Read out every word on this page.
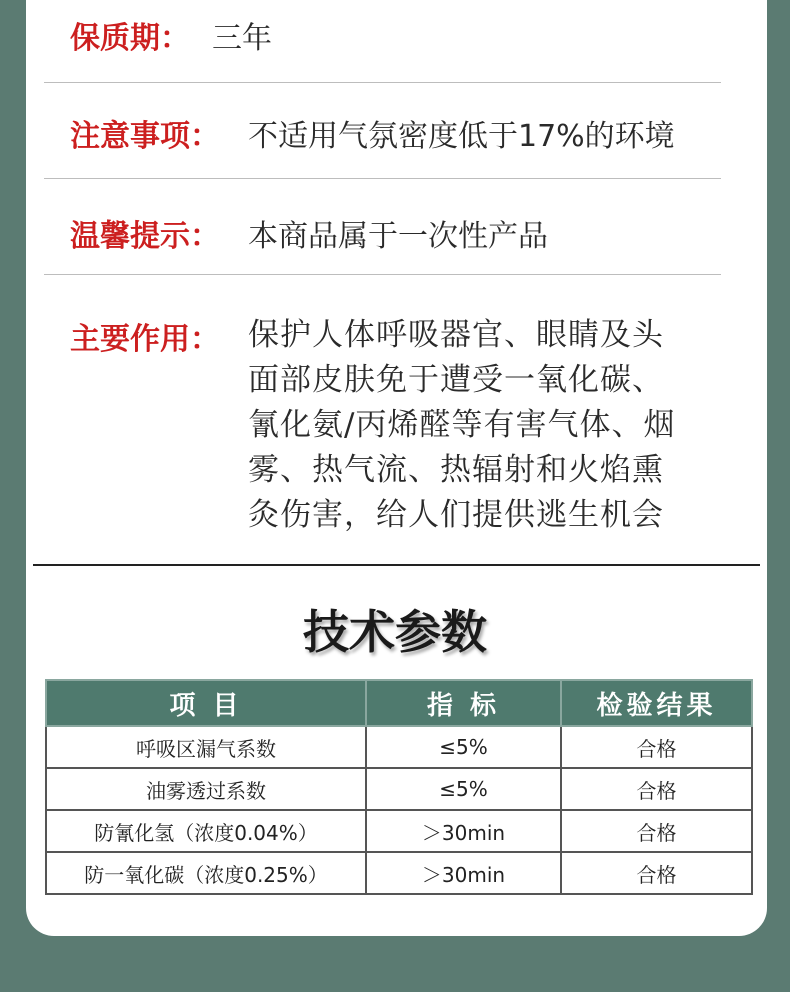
保质期： 三年
注意事项： 不适用气氛密度低于17%的环境
温馨提示： 本商品属于一次性产品
主要作用： 保护人体呼吸器官、眼睛及头
面部皮肤免于遭受一氧化碳、
氰化氨/丙烯醛等有害气体、烟
雾、热气流、热辐射和火焰熏
灸伤害，给人们提供逃生机会
技术参数
项 目	指 标	检验结果
呼吸区漏气系数	≤5%	合格
油雾透过系数	≤5%	合格
防氰化氢（浓度0.04%）	＞30min	合格
防一氧化碳（浓度0.25%）	＞30min	合格
